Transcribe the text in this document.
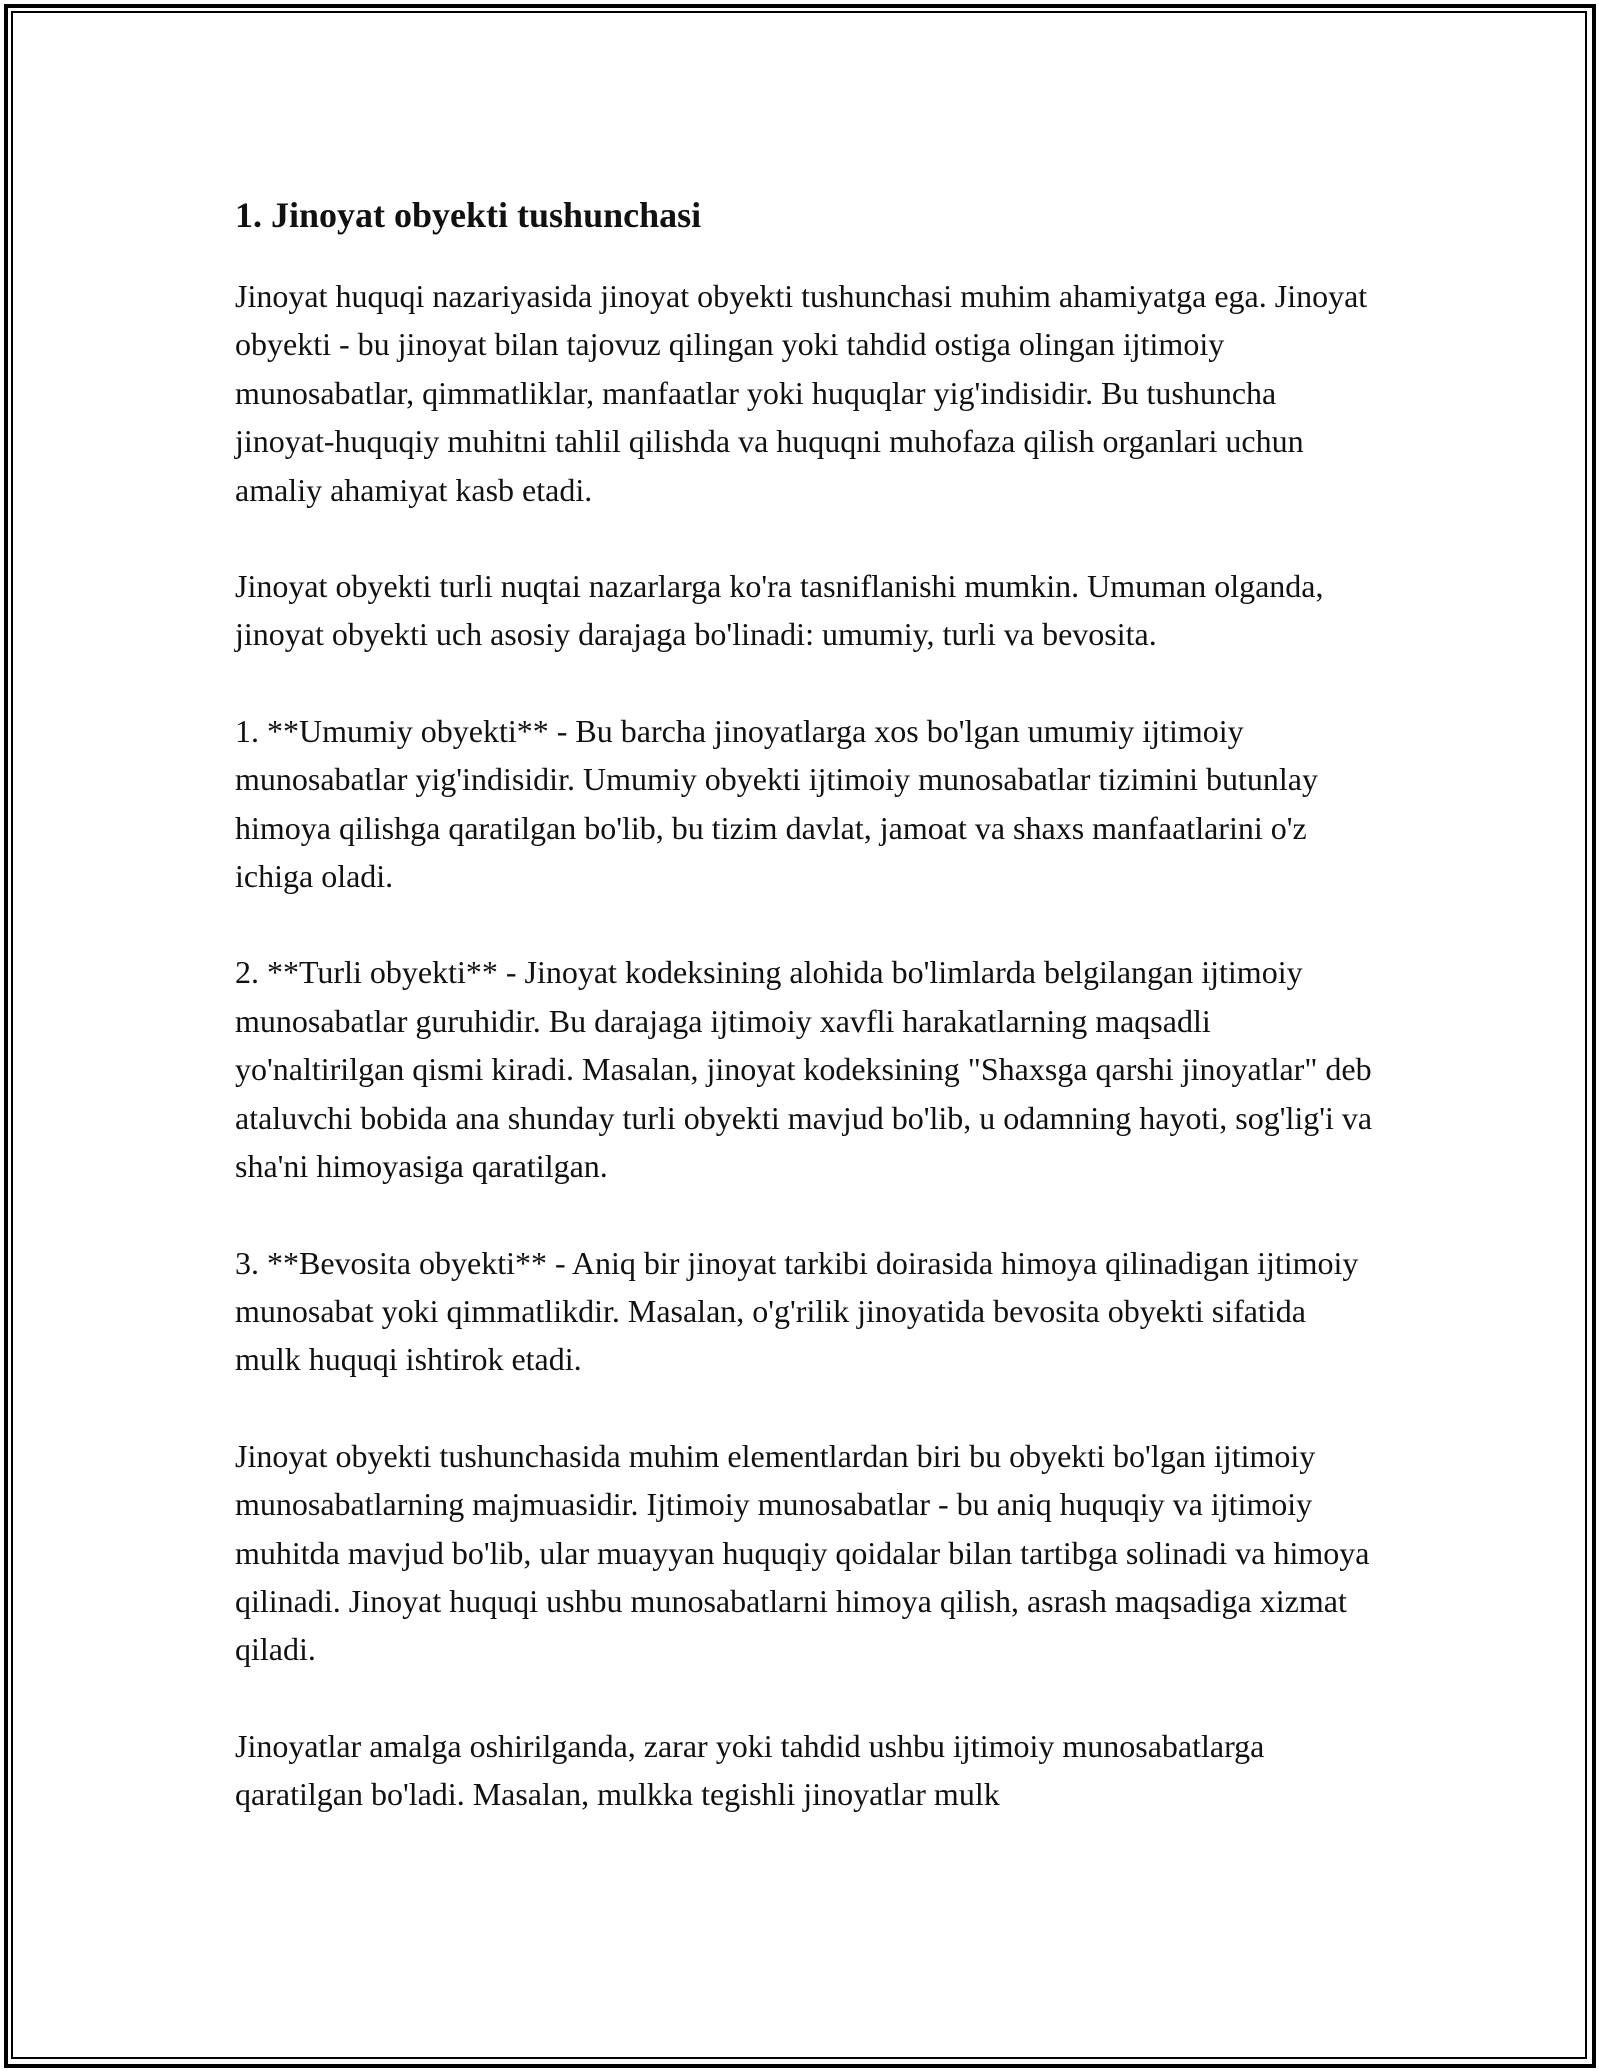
1. Jinoyat obyekti tushunchasi

Jinoyat huquqi nazariyasida jinoyat obyekti tushunchasi muhim ahamiyatga ega. Jinoyat obyekti - bu jinoyat bilan tajovuz qilingan yoki tahdid ostiga olingan ijtimoiy munosabatlar, qimmatliklar, manfaatlar yoki huquqlar yig'indisidir. Bu tushuncha jinoyat-huquqiy muhitni tahlil qilishda va huquqni muhofaza qilish organlari uchun amaliy ahamiyat kasb etadi.

Jinoyat obyekti turli nuqtai nazarlarga ko'ra tasniflanishi mumkin. Umuman olganda, jinoyat obyekti uch asosiy darajaga bo'linadi: umumiy, turli va bevosita.

1. **Umumiy obyekti** - Bu barcha jinoyatlarga xos bo'lgan umumiy ijtimoiy munosabatlar yig'indisidir. Umumiy obyekti ijtimoiy munosabatlar tizimini butunlay himoya qilishga qaratilgan bo'lib, bu tizim davlat, jamoat va shaxs manfaatlarini o'z ichiga oladi.

2. **Turli obyekti** - Jinoyat kodeksining alohida bo'limlarda belgilangan ijtimoiy munosabatlar guruhidir. Bu darajaga ijtimoiy xavfli harakatlarning maqsadli yo'naltirilgan qismi kiradi. Masalan, jinoyat kodeksining "Shaxsga qarshi jinoyatlar" deb ataluvchi bobida ana shunday turli obyekti mavjud bo'lib, u odamning hayoti, sog'lig'i va sha'ni himoyasiga qaratilgan.

3. **Bevosita obyekti** - Aniq bir jinoyat tarkibi doirasida himoya qilinadigan ijtimoiy munosabat yoki qimmatlikdir. Masalan, o'g'rilik jinoyatida bevosita obyekti sifatida mulk huquqi ishtirok etadi.

Jinoyat obyekti tushunchasida muhim elementlardan biri bu obyekti bo'lgan ijtimoiy munosabatlarning majmuasidir. Ijtimoiy munosabatlar - bu aniq huquqiy va ijtimoiy muhitda mavjud bo'lib, ular muayyan huquqiy qoidalar bilan tartibga solinadi va himoya qilinadi. Jinoyat huquqi ushbu munosabatlarni himoya qilish, asrash maqsadiga xizmat qiladi.

Jinoyatlar amalga oshirilganda, zarar yoki tahdid ushbu ijtimoiy munosabatlarga qaratilgan bo'ladi. Masalan, mulkka tegishli jinoyatlar mulk
